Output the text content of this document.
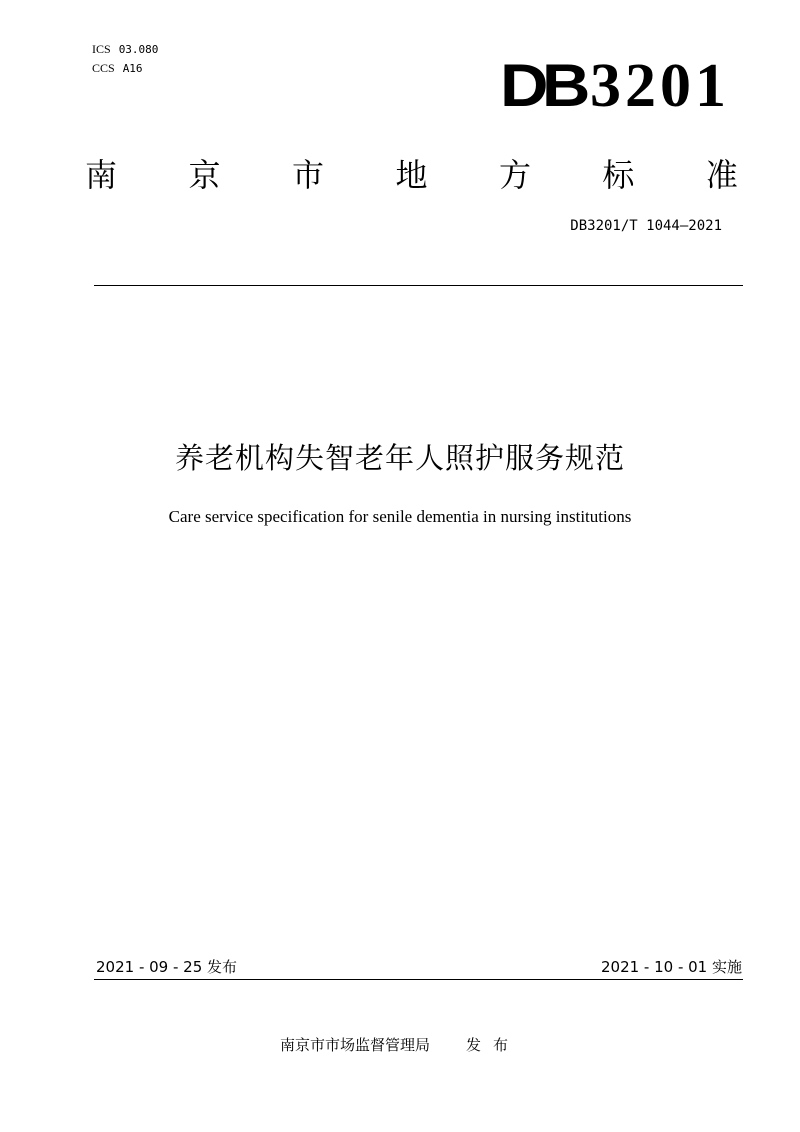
ICS 03.080
CCS A16	DB 3201
南 京 市 地 方 标 准
DB3201/T 1044—2021
养老机构失智老年人照护服务规范
Care service specification for senile dementia in nursing institutions
2021 - 09 - 25 发布	2021 - 10 - 01 实施
南京市市场监督管理局 发布
